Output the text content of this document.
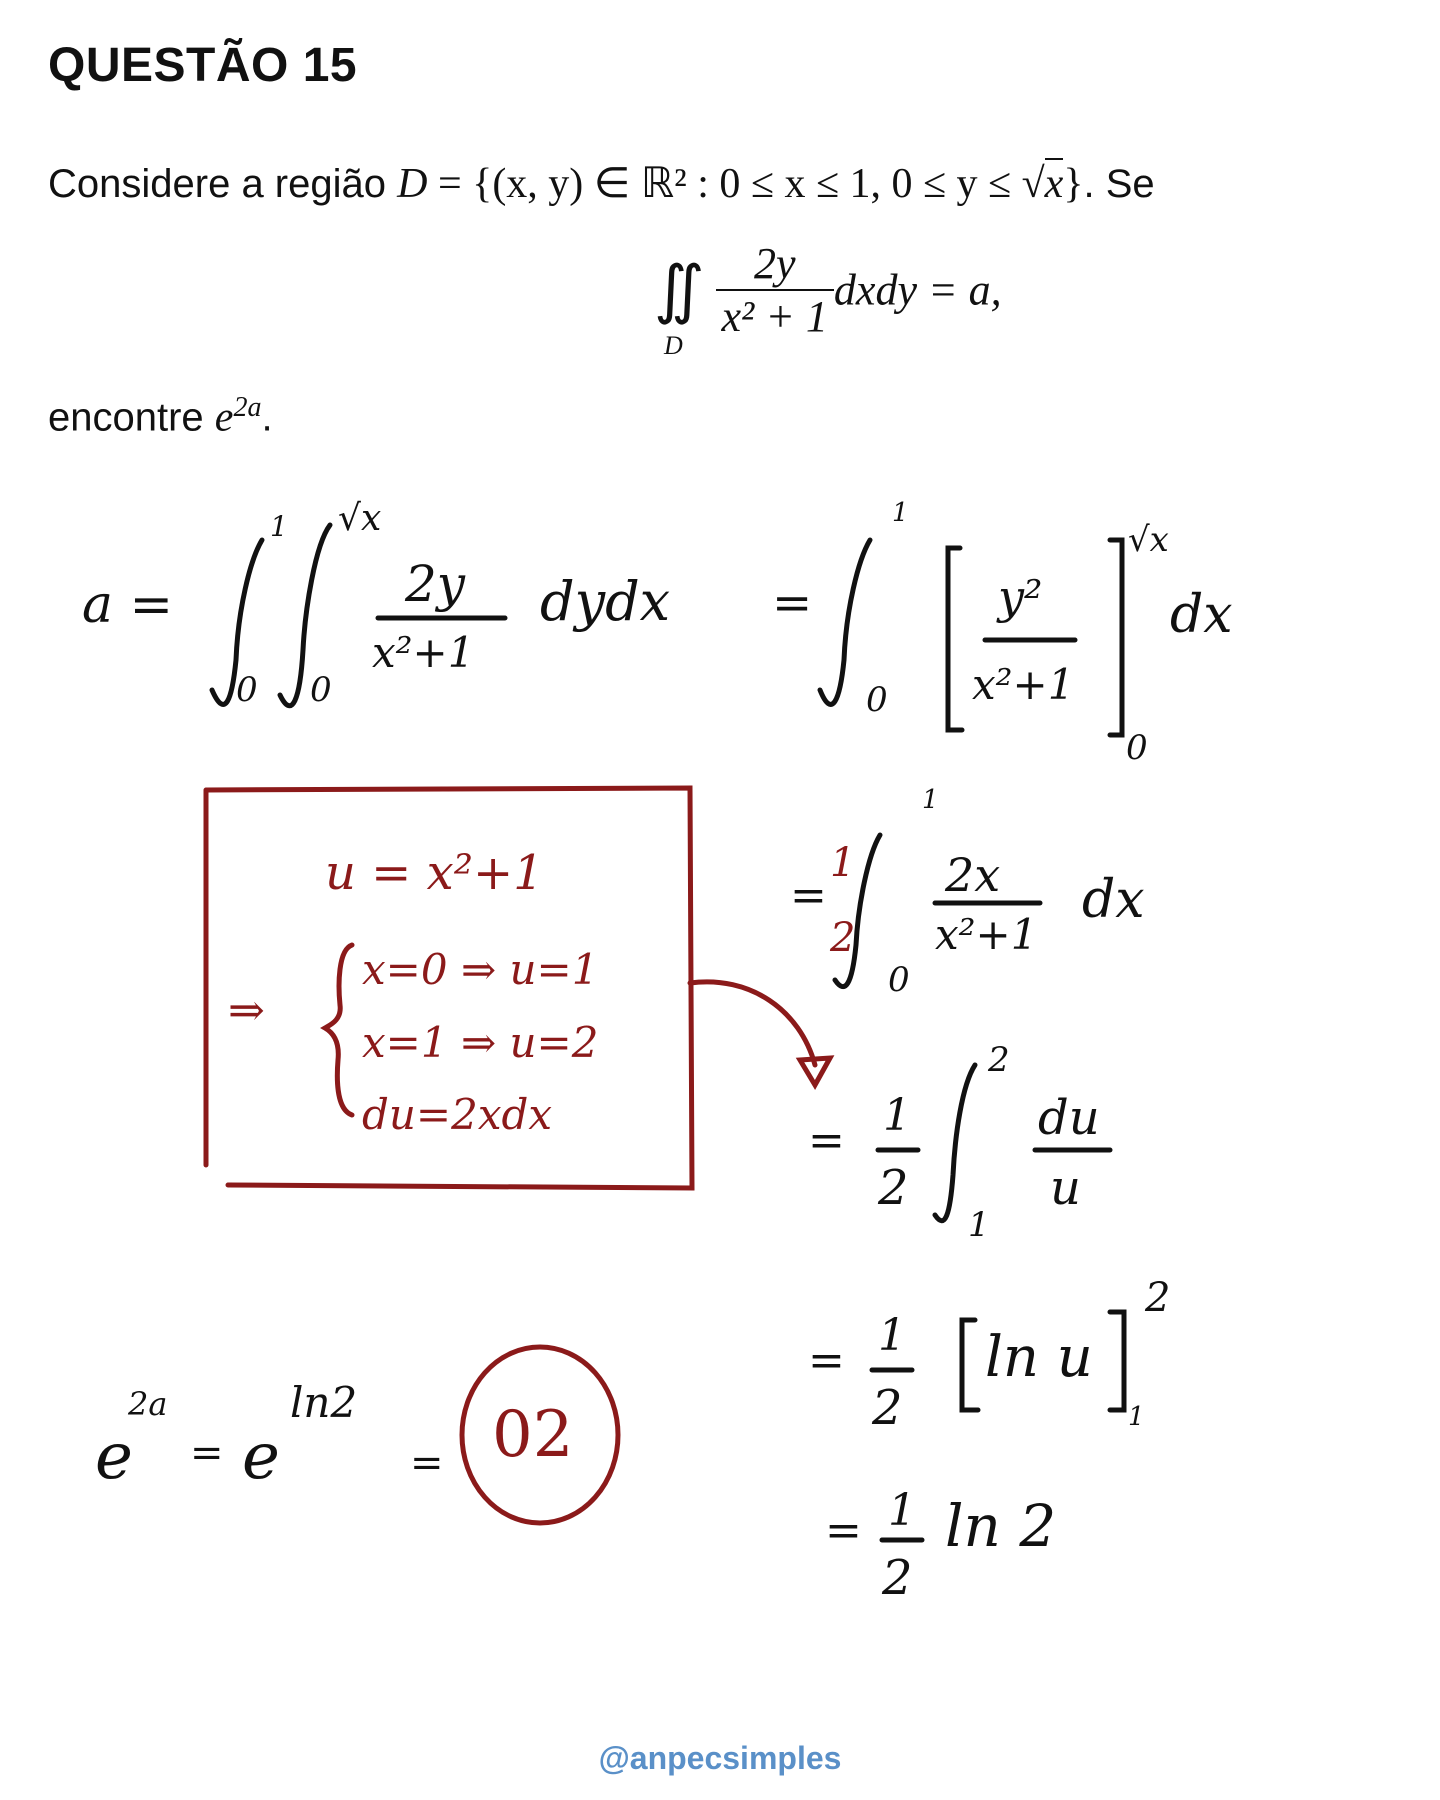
QUESTÃO 15
Considere a região D = {(x, y) ∈ ℝ² : 0 ≤ x ≤ 1, 0 ≤ y ≤ √x}. Se
∬
D

$\frac{2y}{\text{x² + 1}}$ dxdy = a,
encontre $e^{2a}$.
a =
1
0
√x
0
2y
x²+1
dydx =
1
0
y²
x²+1
√x
0
dx
u = x²+1
⇒
x=0 ⇒ u=1
x=1 ⇒ u=2
du=2xdx
=
1
2
1
0
2x
x²+1
dx
= 1
2
2
1
du
u
= 1
2
ln u
2
1
= 1
2
ln 2
e
2a
= e
ln2
= 02
@anpecsimples
